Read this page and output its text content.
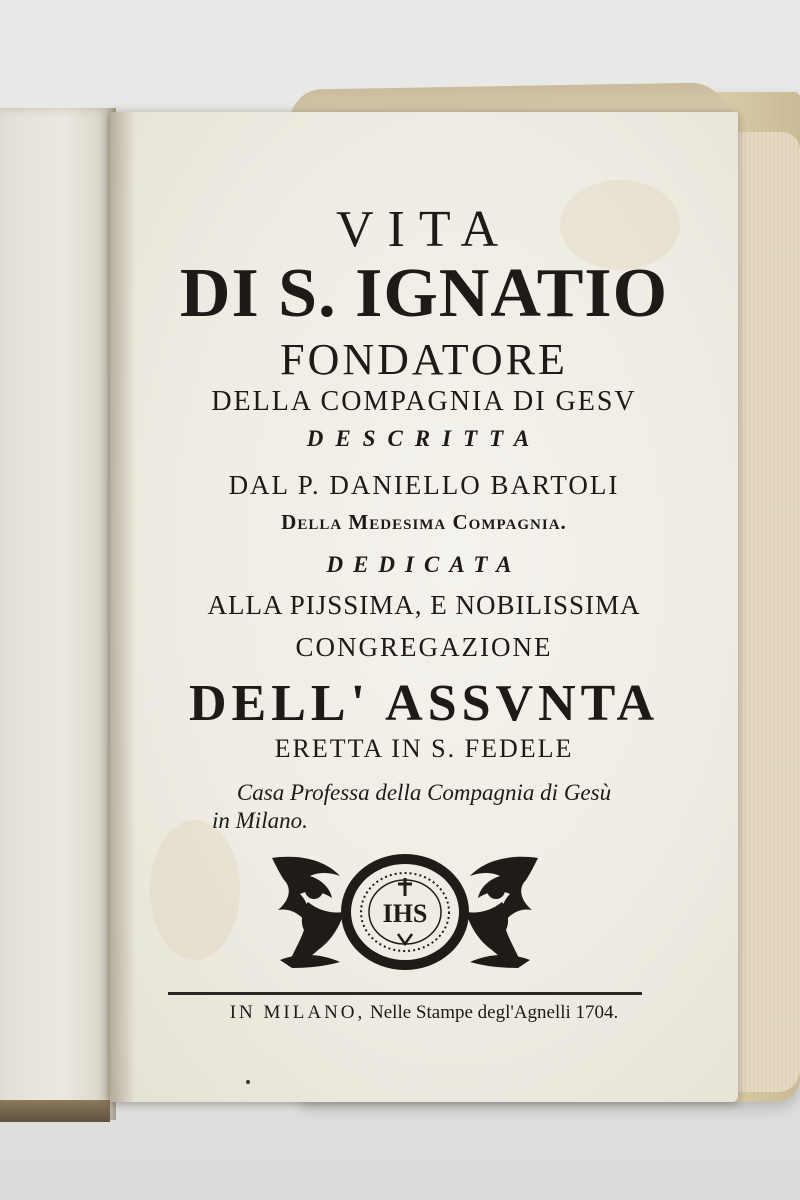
VITA

DI S. IGNATIO

FONDATORE

DELLA COMPAGNIA DI GESV

DESCRITTA

DAL P. DANIELLO BARTOLI

Della Medesima Compagnia.

DEDICATA

ALLA PIJSSIMA, E NOBILISSIMA

CONGREGAZIONE

DELL' ASSVNTA

ERETTA IN S. FEDELE

Casa Professa della Compagnia di Gesù

in Milano.

IHS

IN MILANO, Nelle Stampe degl'Agnelli 1704.
